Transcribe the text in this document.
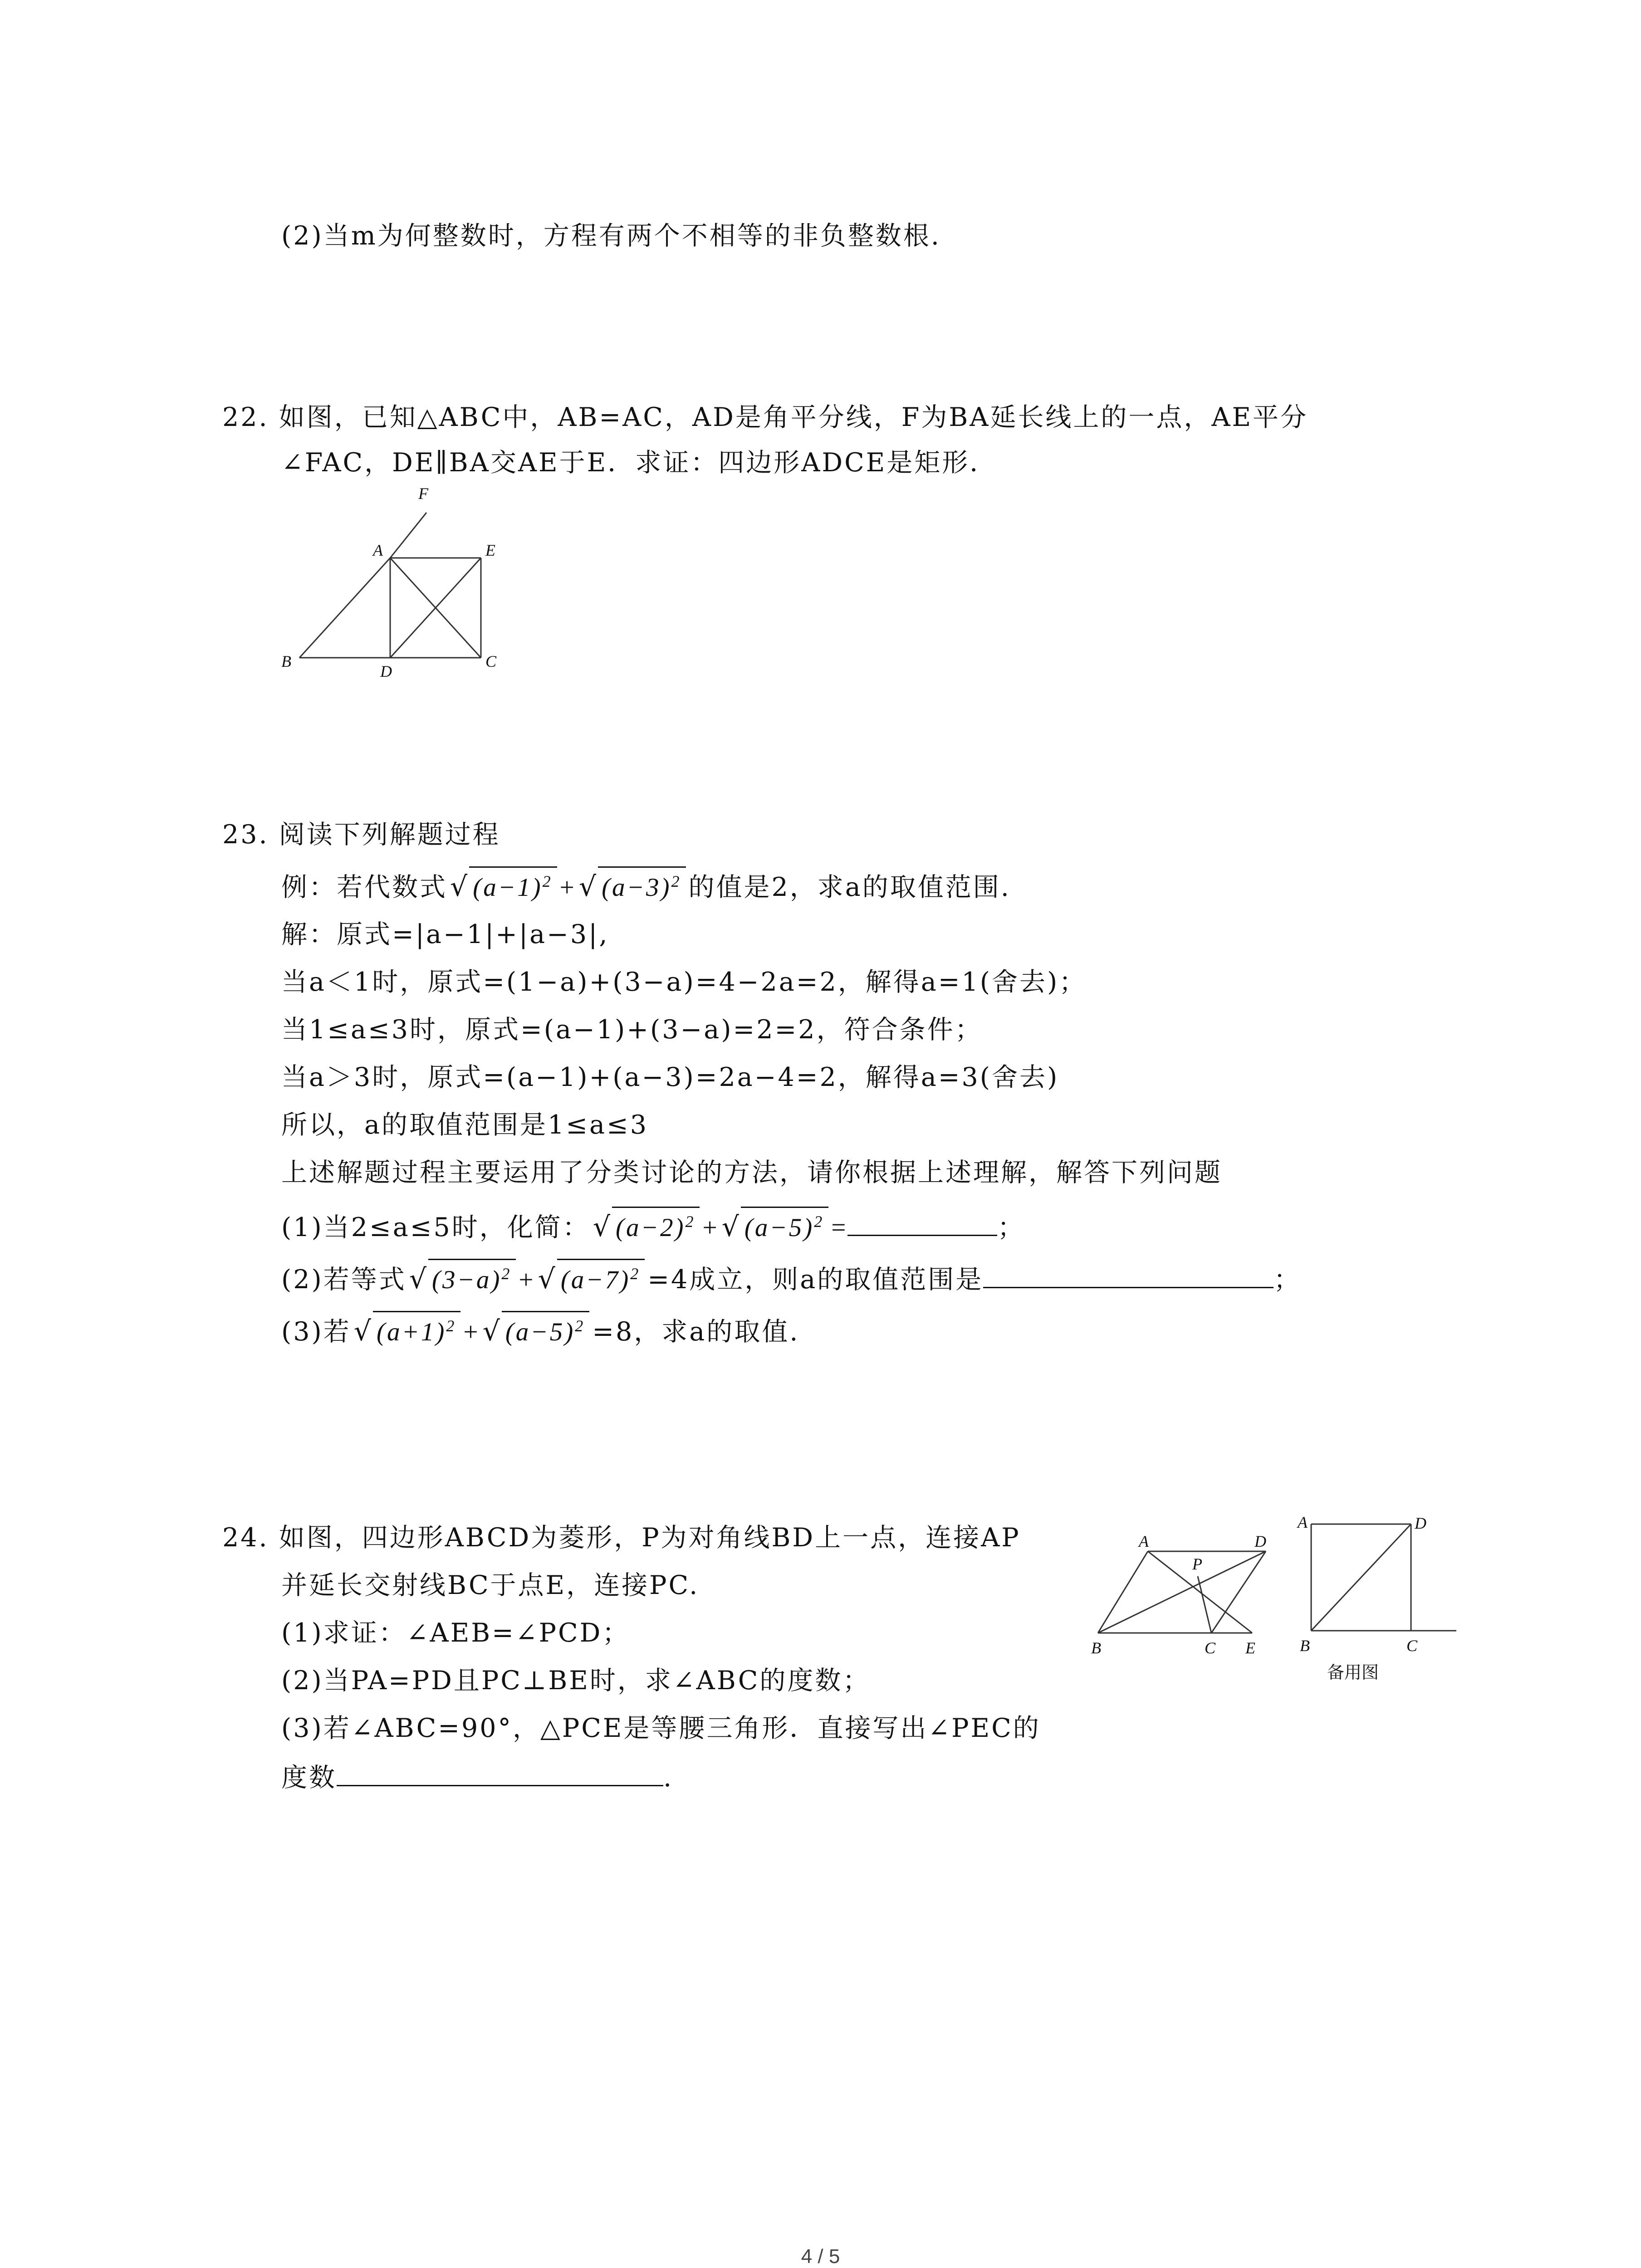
(2)当m为何整数时，方程有两个不相等的非负整数根.
22. 如图，已知△ABC中，AB=AC，AD是角平分线，F为BA延长线上的一点，AE平分
∠FAC，DE∥BA交AE于E．求证：四边形ADCE是矩形．
F
A	E
B
D
C
23. 阅读下列解题过程
例：若代数式 √ $(a-1)^2$ + √ $(a-3)^2$ 的值是2，求a的取值范围.
解：原式=|a−1|+|a−3|,
当a＜1时，原式=(1−a)+(3−a)=4−2a=2，解得a=1(舍去)；
当1≤a≤3时，原式=(a−1)+(3−a)=2=2，符合条件；
当a＞3时，原式=(a−1)+(a−3)=2a−4=2，解得a=3(舍去)
所以，a的取值范围是1≤a≤3
上述解题过程主要运用了分类讨论的方法，请你根据上述理解，解答下列问题
(1)当2≤a≤5时，化简： √ $(a-2)^2$ + √ $(a-5)^2$ =	；
(2)若等式 √ $(3-a)^2$ + √ $(a-7)^2 =4$成立，则a的取值范围是	；
(3)若 √ $(a+1)^2$ + √ $(a-5)^2 =8$，求a的取值.
24. 如图，四边形ABCD为菱形，P为对角线BD上一点，连接AP
并延长交射线BC于点E，连接PC.
(1)求证：∠AEB=∠PCD；
(2)当PA=PD且PC⊥BE时，求∠ABC的度数；
(3)若∠ABC=90°，△PCE是等腰三角形．直接写出∠PEC的
度数	.
A	D
P
B	C E
A	D
B	C
备用图
4 / 5
